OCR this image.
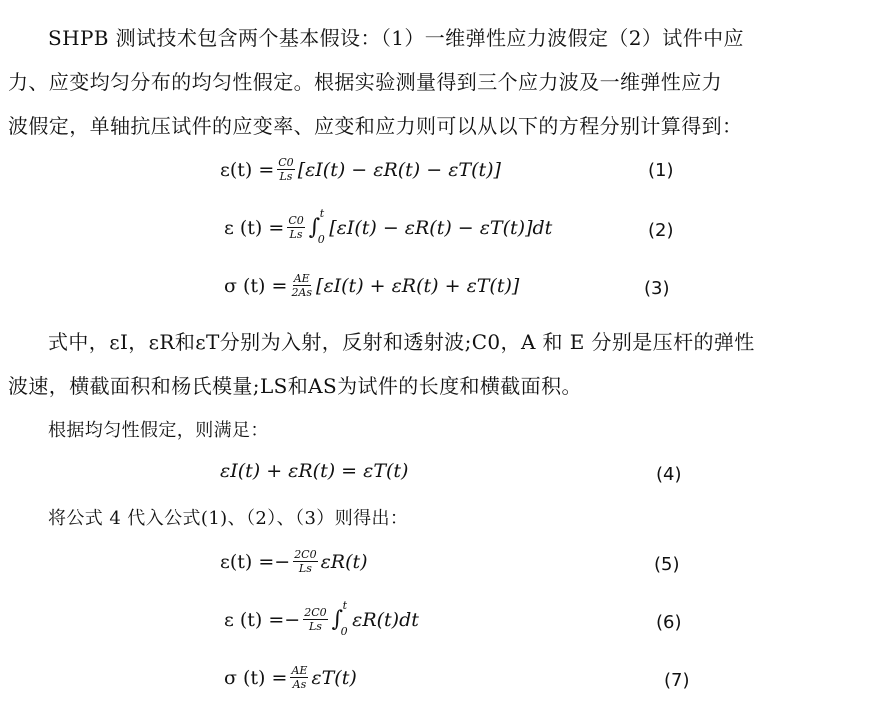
SHPB 测试技术包含两个基本假设：（1）一维弹性应力波假定（2）试件中应
力、应变均匀分布的均匀性假定。根据实验测量得到三个应力波及一维弹性应力
波假定，单轴抗压试件的应变率、应变和应力则可以从以下的方程分别计算得到：
$\varepsilon(t) = \frac{C0}{Ls} [\varepsilon I(t) - \varepsilon R(t) - \varepsilon T(t)]$	(1)
ε $(t) = \frac{C0}{Ls}$ ∫
t
0
[εI(t) − εR(t) − εT(t)]dt	(2)
σ $(t) = \frac{AE}{2As} [\varepsilon I(t) + \varepsilon R(t) + \varepsilon T(t)]$	(3)
式中，εI，εR和εT分别为入射，反射和透射波;C0，A 和 E 分别是压杆的弹性
波速，横截面积和杨氏模量;LS和AS为试件的长度和横截面积。
根据均匀性假定，则满足：
εI(t) + εR(t) = εT(t)	(4)
将公式 4 代入公式(1)、（2）、（3）则得出：
$\varepsilon(t) =- \frac{2C0}{Ls} \varepsilon R(t)$	(5)
ε $(t) =- \frac{2C0}{Ls}$ ∫
t
0
εR(t)dt	(6)
σ $(t) = \frac{AE}{As} \varepsilon T(t)$	(7)
